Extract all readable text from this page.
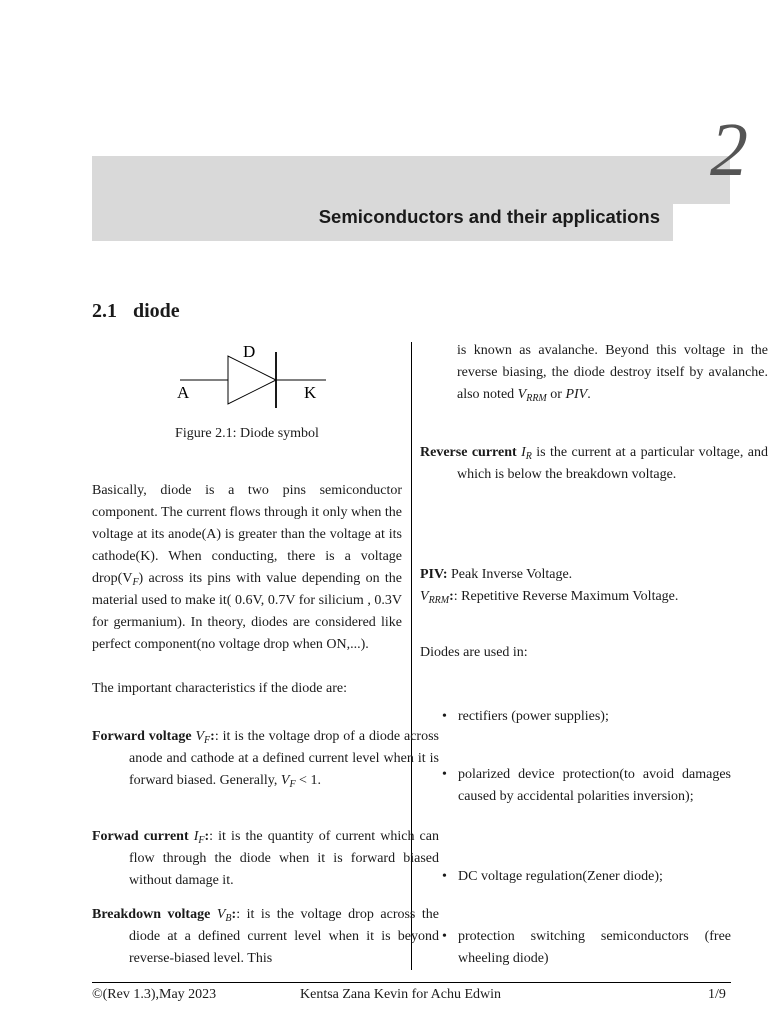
2
Semiconductors and their applications
2.1 diode
D
A	K
Figure 2.1: Diode symbol
Basically, diode is a two pins semiconductor component. The current flows through it only when the voltage at its anode(A) is greater than the voltage at its cathode(K). When conducting, there is a voltage $drop(V_F)$ across its pins with value depending on the material used to make it( 0.6V, 0.7V for silicium , 0.3V for germanium). In theory, diodes are considered like perfect component(no voltage drop when ON,...).
The important characteristics if the diode are:
Forward voltage $V_F$:: it is the voltage drop of a diode across anode and cathode at a defined current level when it is forward biased. Generally, $V_F < 1$.
Forwad current $I_F$:: it is the quantity of current which can flow through the diode when it is forward biased without damage it.
Breakdown voltage $V_B$:: it is the voltage drop across the diode at a defined current level when it is beyond reverse-biased level. This
is known as avalanche. Beyond this voltage in the reverse biasing, the diode destroy itself by avalanche. also noted $V_{RRM}$ or PIV.
Reverse current $I_R$ is the current at a particular voltage, and which is below the breakdown voltage.
PIV: Peak Inverse Voltage.
$V_{RRM}$:: Repetitive Reverse Maximum Voltage.
Diodes are used in:
• rectifiers (power supplies);
• polarized device protection(to avoid damages caused by accidental polarities inversion);
• DC voltage regulation(Zener diode);
• protection switching semiconductors (free wheeling diode)
©(Rev 1.3),May 2023	Kentsa Zana Kevin for Achu Edwin	1/9
